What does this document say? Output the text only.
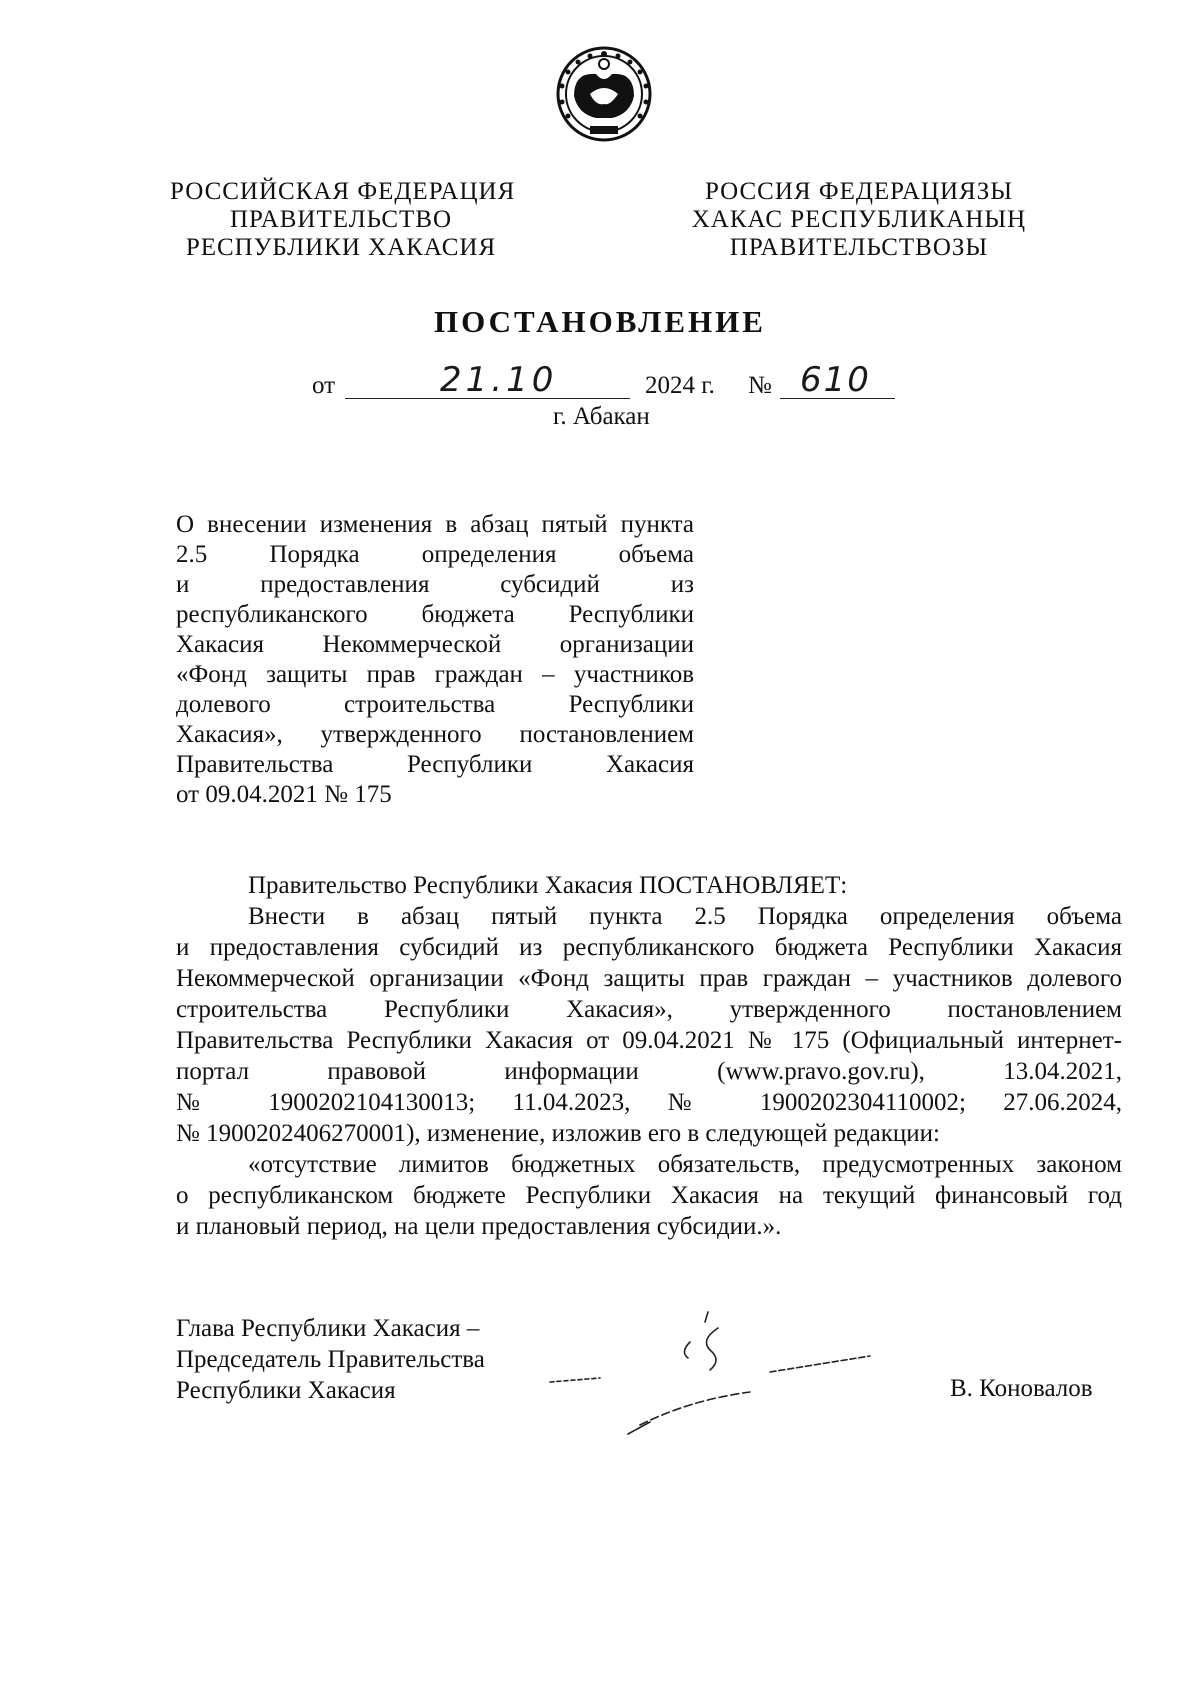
РОССИЙСКАЯ ФЕДЕРАЦИЯ
ПРАВИТЕЛЬСТВО
РЕСПУБЛИКИ ХАКАСИЯ
РОССИЯ ФЕДЕРАЦИЯЗЫ
ХАКАС РЕСПУБЛИКАНЫҢ
ПРАВИТЕЛЬСТВОЗЫ
ПОСТАНОВЛЕНИЕ
от	21.10	2024 г. № 610
г. Абакан
О внесении изменения в абзац пятый пункта
2.5 Порядка определения объема
и предоставления субсидий из
республиканского бюджета Республики
Хакасия Некоммерческой организации
«Фонд защиты прав граждан – участников
долевого строительства Республики
Хакасия», утвержденного постановлением
Правительства Республики Хакасия
от 09.04.2021 № 175
Правительство Республики Хакасия ПОСТАНОВЛЯЕТ:
Внести в абзац пятый пункта 2.5 Порядка определения объема
и предоставления субсидий из республиканского бюджета Республики Хакасия
Некоммерческой организации «Фонд защиты прав граждан – участников долевого
строительства Республики Хакасия», утвержденного постановлением
Правительства Республики Хакасия от 09.04.2021 № 175 (Официальный интернет-
портал правовой информации (www.pravo.gov.ru), 13.04.2021,
№ 1900202104130013; 11.04.2023, № 1900202304110002; 27.06.2024,
№ 1900202406270001), изменение, изложив его в следующей редакции:
«отсутствие лимитов бюджетных обязательств, предусмотренных законом
о республиканском бюджете Республики Хакасия на текущий финансовый год
и плановый период, на цели предоставления субсидии.».
Глава Республики Хакасия –
Председатель Правительства
Республики Хакасия	В. Коновалов
